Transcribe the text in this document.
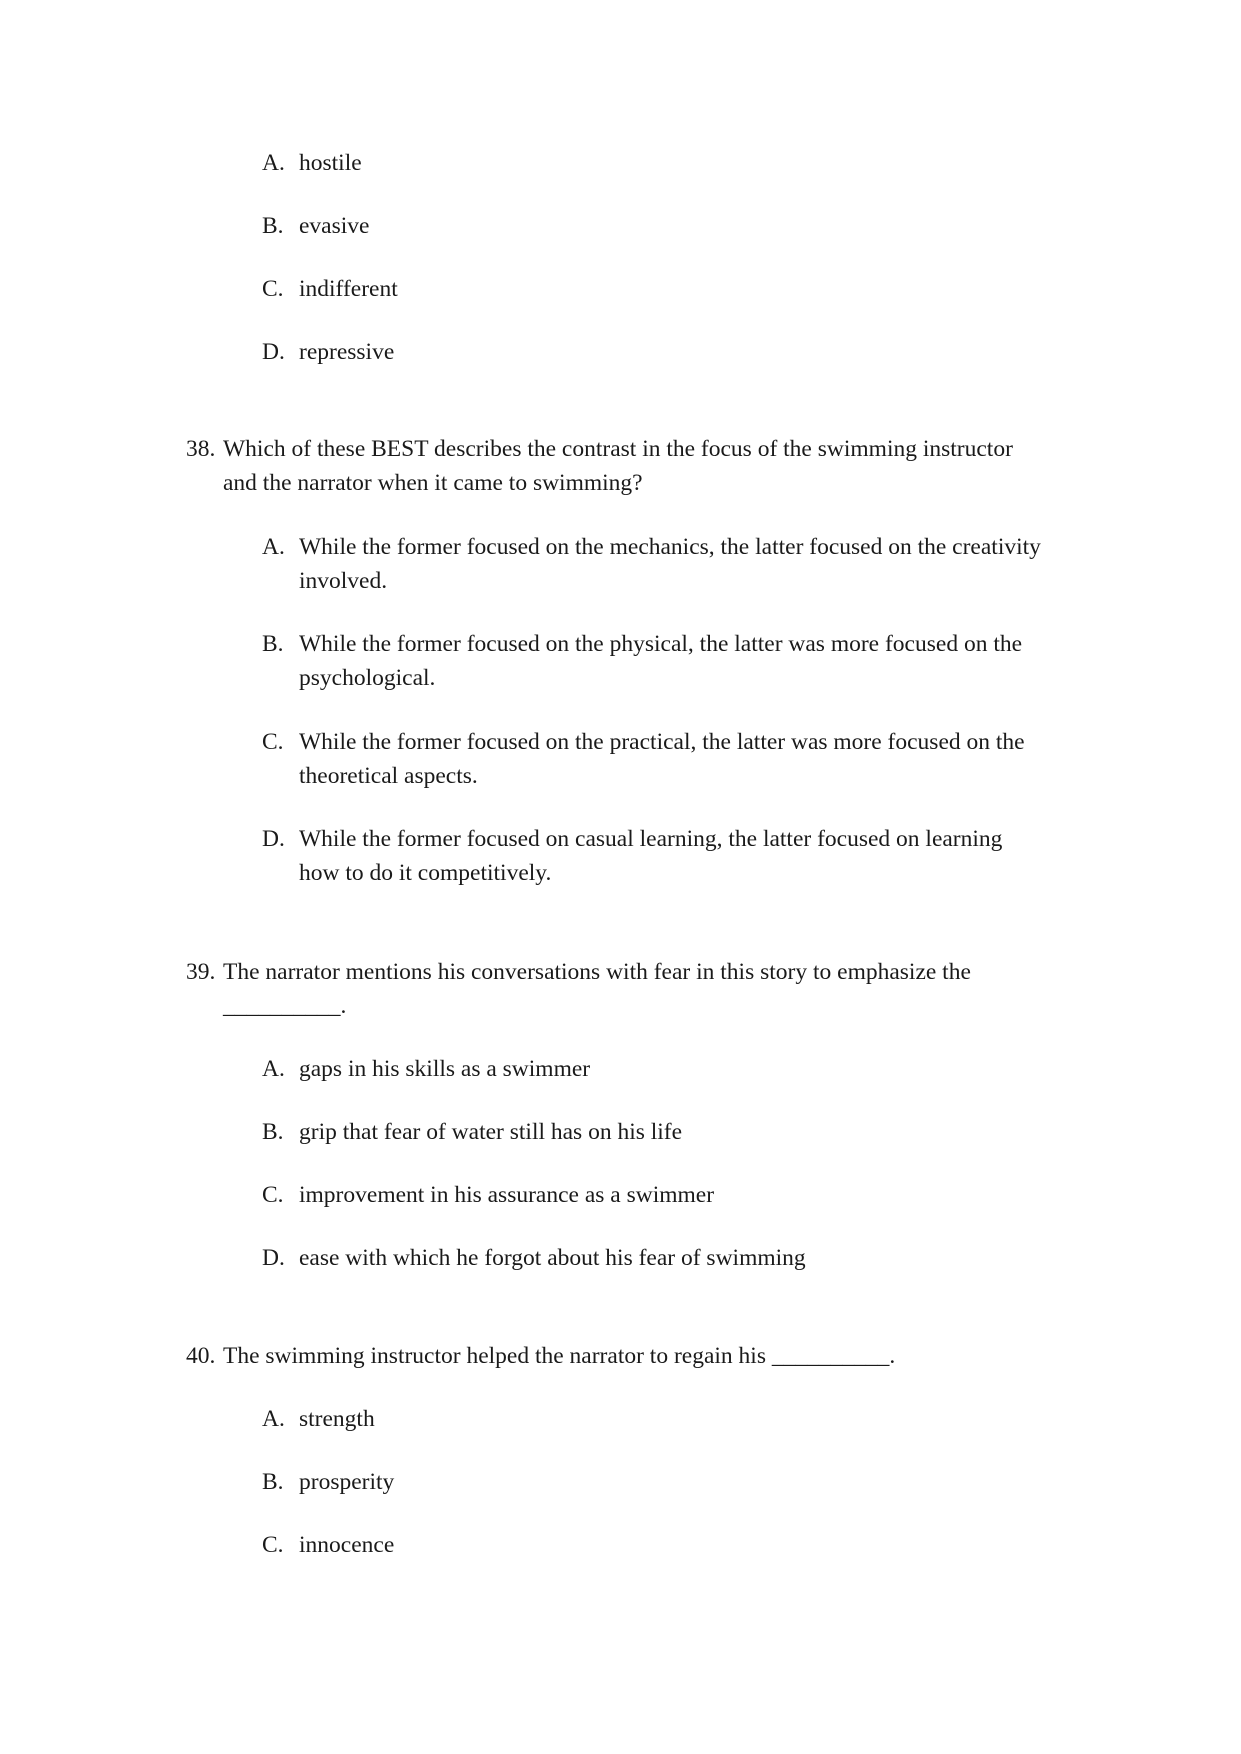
A. hostile
B. evasive
C. indifferent
D. repressive
38. Which of these BEST describes the contrast in the focus of the swimming instructor
and the narrator when it came to swimming?
A. While the former focused on the mechanics, the latter focused on the creativity
involved.
B. While the former focused on the physical, the latter was more focused on the
psychological.
C. While the former focused on the practical, the latter was more focused on the
theoretical aspects.
D. While the former focused on casual learning, the latter focused on learning
how to do it competitively.
39. The narrator mentions his conversations with fear in this story to emphasize the
__________.
A. gaps in his skills as a swimmer
B. grip that fear of water still has on his life
C. improvement in his assurance as a swimmer
D. ease with which he forgot about his fear of swimming
40. The swimming instructor helped the narrator to regain his __________.
A. strength
B. prosperity
C. innocence
